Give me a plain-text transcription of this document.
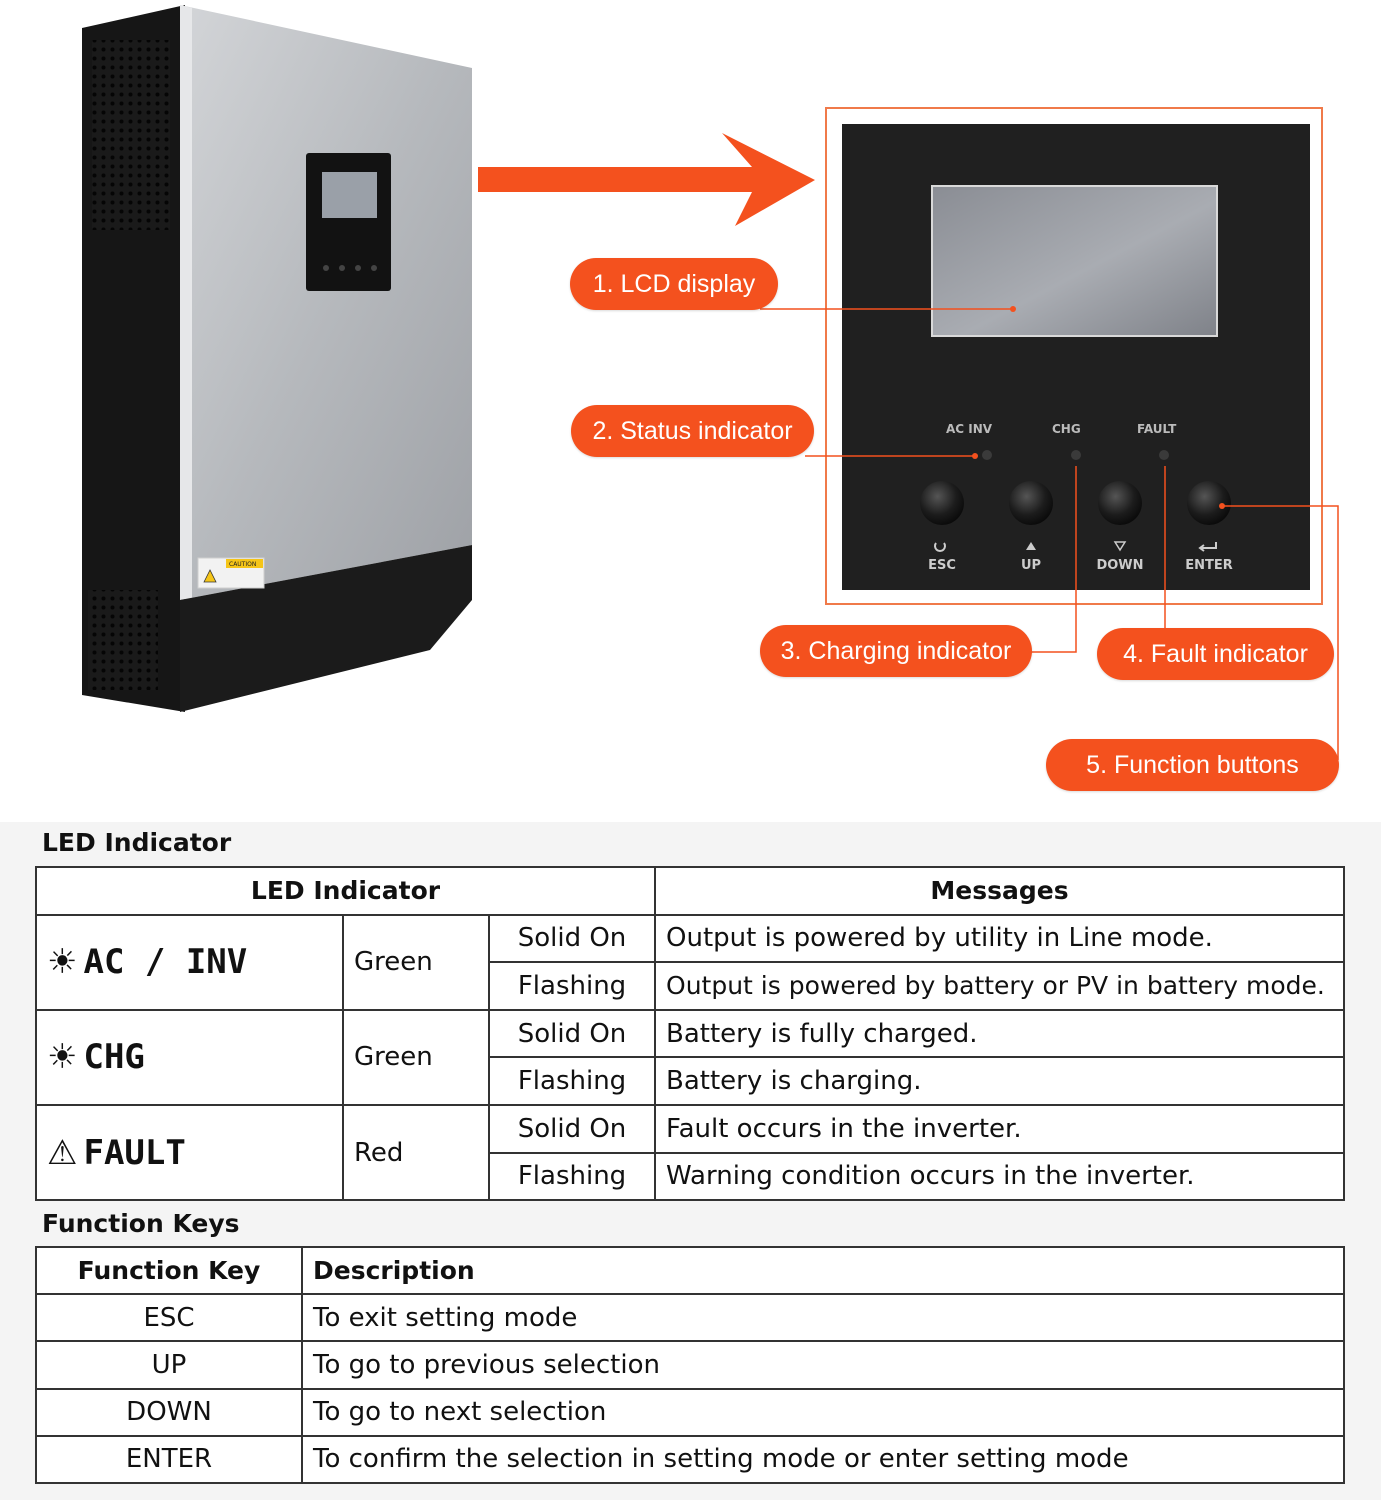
CAUTION
AC INV	CHG	FAULT
ESC	UP	DOWN	ENTER
1. LCD display
2. Status indicator
3. Charging indicator	4. Fault indicator
5. Function buttons
LED Indicator
LED Indicator			Messages

☀ AC / INV	Green	Solid On	Output is powered by utility in Line mode.
		Flashing	Output is powered by battery or PV in battery mode.

☀ CHG	Green	Solid On	Battery is fully charged.
		Flashing	Battery is charging.

⚠ FAULT	Red	Solid On	Fault occurs in the inverter.
		Flashing	Warning condition occurs in the inverter.
Function Keys
Function Key	Description
ESC	To exit setting mode
UP	To go to previous selection
DOWN	To go to next selection
ENTER	To confirm the selection in setting mode or enter setting mode
